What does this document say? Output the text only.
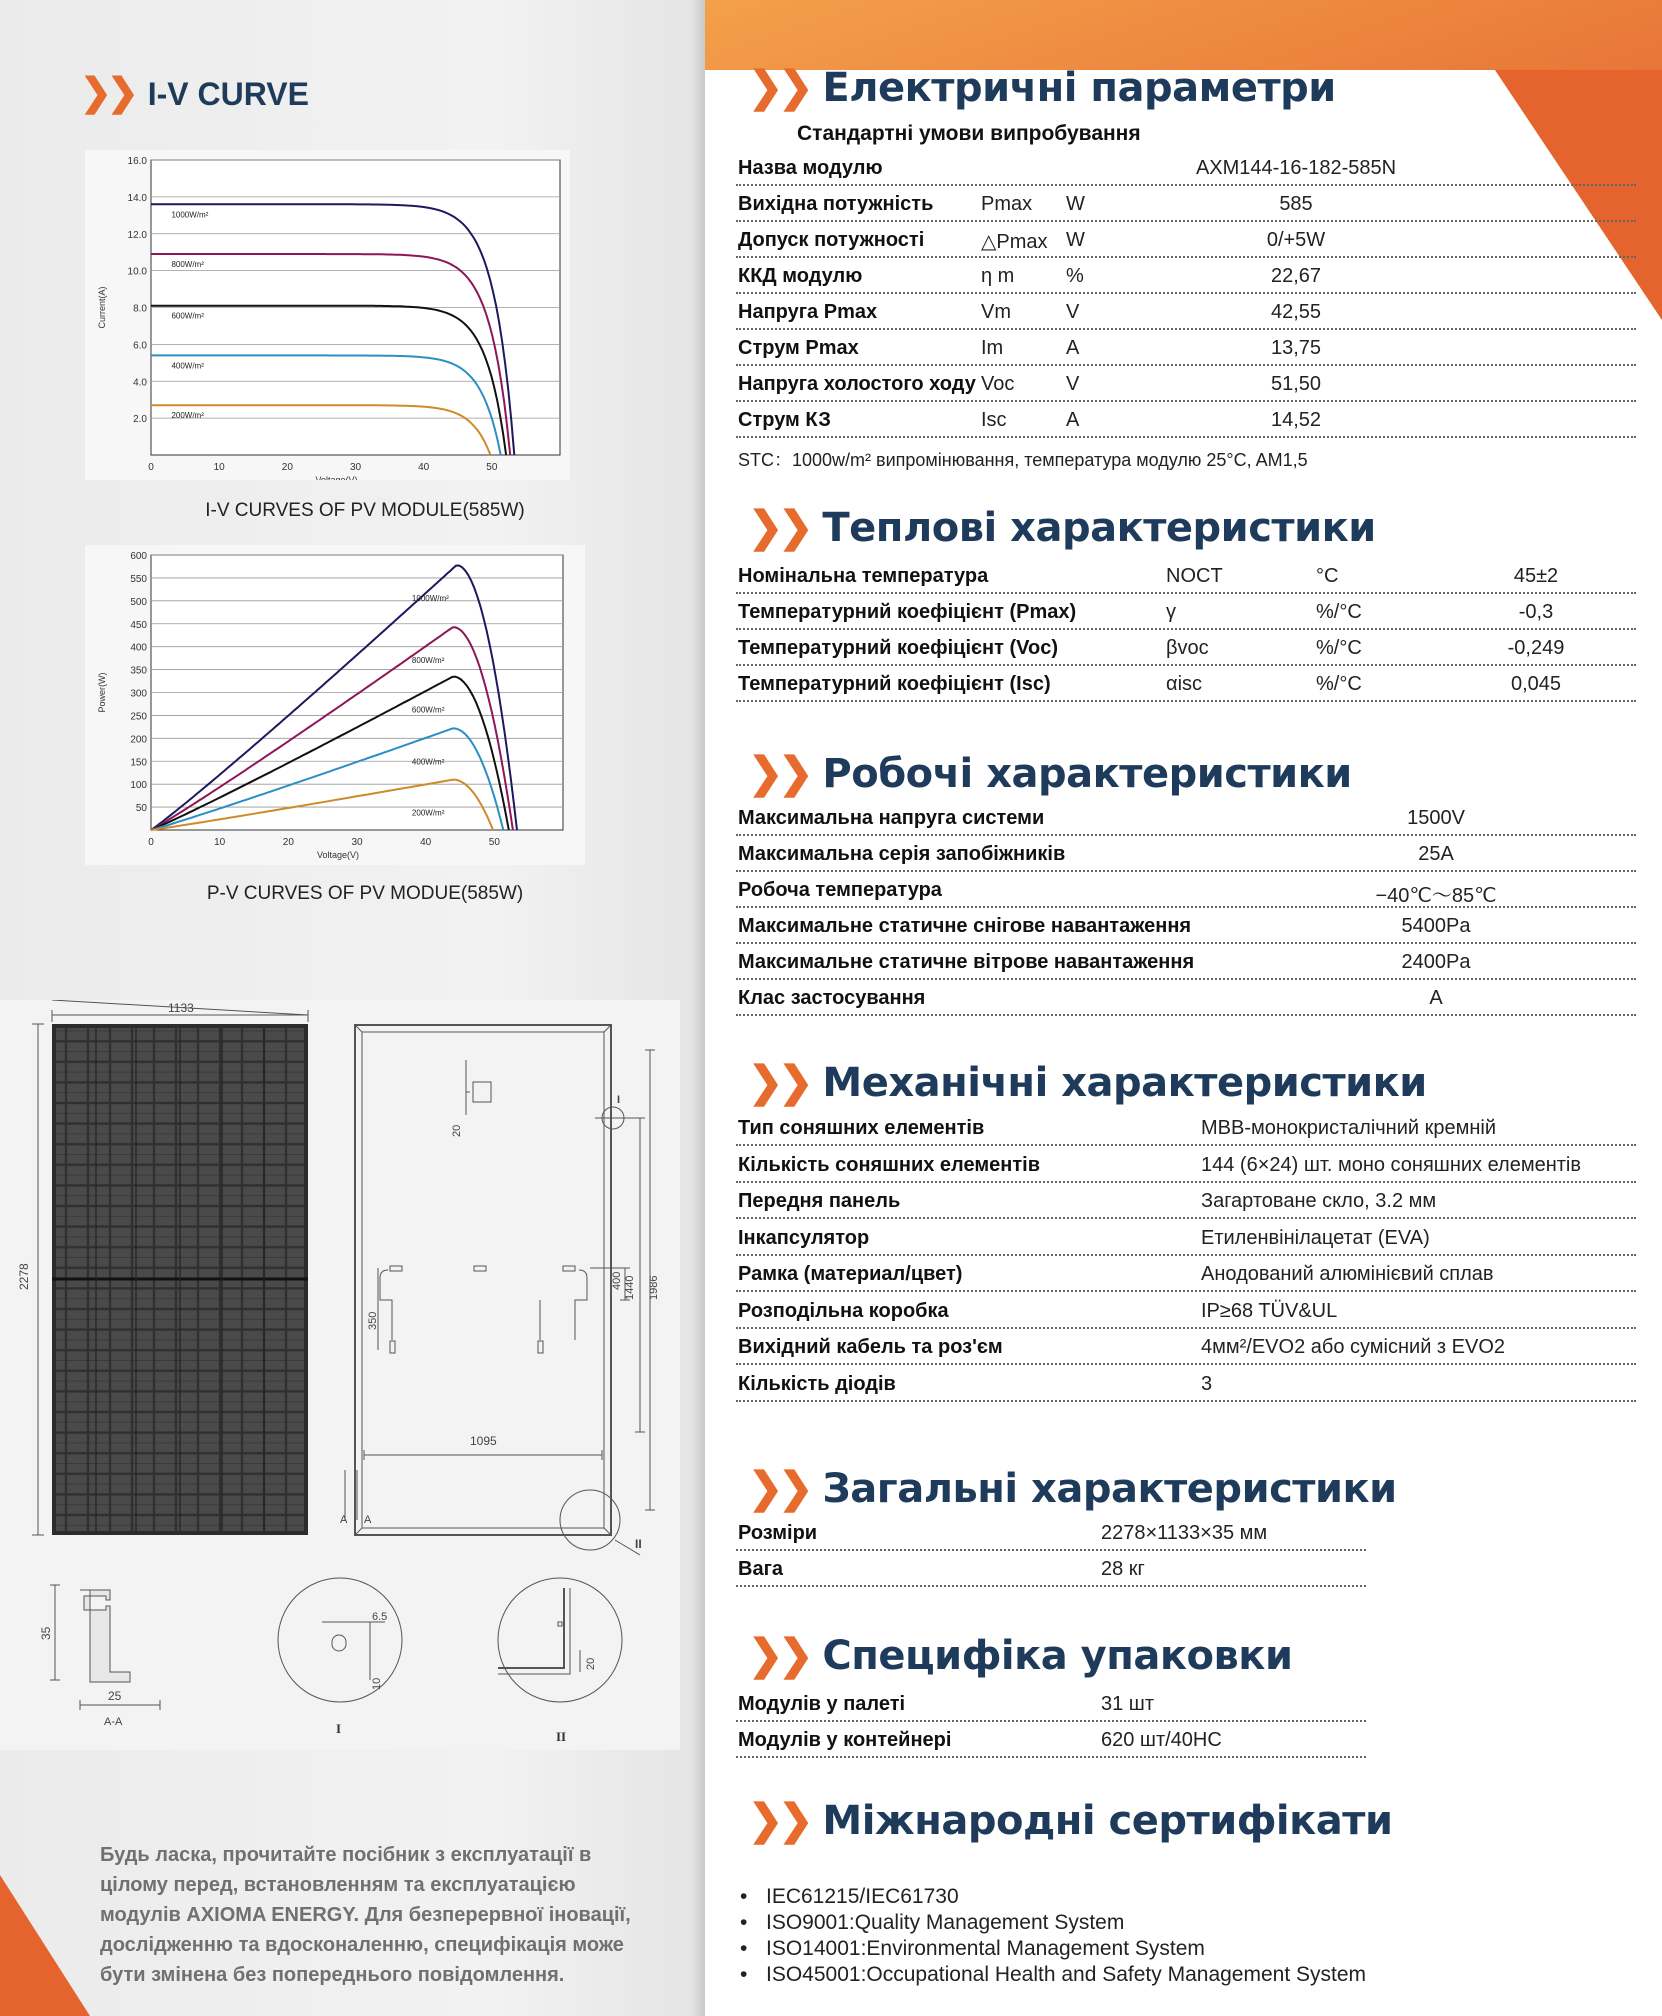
❯❯ I-V CURVE
16.0
14.0
12.0
10.0
8.0
6.0
4.0
2.0
0	10	20	30	40	50
Voltage(V)
Current(A)
1000W/m²
800W/m²
600W/m²
400W/m²
200W/m²
I-V CURVES OF PV MODULE(585W)
600
550
500
450
400
350
300
250
200
150
100
50
0	10	20	30	40	50
Voltage(V)
Power(W)
1000W/m²
800W/m²
600W/m²
400W/m²
200W/m²
P-V CURVES OF PV MODUE(585W)
1133
2278
1095
1440
400 1986
350
20
I
II
A A
35
25
A-A
6.5
10
I
20
II
Будь ласка, прочитайте посібник з експлуатації в цілому перед, встановленням та експлуатацією модулів AXIOMA ENERGY. Для безперервної іновації, дослідженню та вдосконаленню, специфікація може бути змінена без попереднього повідомлення.
❯❯ Електричні параметри
Стандартні умови випробування
Назва модулю	AXM144-16-182-585N
Вихідна потужність Pmax W	585
Допуск потужності	△Pmax W	0/+5W
ККД модулю	η m	%	22,67
Напруга Pmax	Vm	V	42,55
Струм Pmax	Im	A	13,75
Напруга холостого ходу Voc	V	51,50
Струм КЗ	Isc	A	14,52
STC：1000w/m² випромінювання, температура модулю 25°C, AM1,5
❯❯ Теплові характеристики
Номінальна температура	NOCT	°C	45±2
Температурний коефіцієнт (Pmax)	γ	%/°C	-0,3
Температурний коефіцієнт (Voc)	βvoc	%/°C	-0,249
Температурний коефіцієнт (Isc)	αisc	%/°C	0,045
❯❯ Робочі характеристики
Максимальна напруга системи	1500V
Максимальна серія запобіжників	25A
Робоча температура	−40℃～85℃
Максимальне статичне снігове навантаження	5400Pa
Максимальне статичне вітрове навантаження	2400Pa
Клас застосування	A
❯❯ Механічні характеристики
Тип соняшних елементів	MBB-монокристалічний кремній
Кількість соняшних елементів	144 (6×24) шт. моно соняшних елементів
Передня панель	Загартоване скло, 3.2 мм
Інкапсулятор	Етиленвінілацетат (EVA)
Рамка (материал/цвет)	Анодований алюмінієвий сплав
Розподільна коробка	IP≥68 TÜV&UL
Вихідний кабель та роз'єм	4мм²/EVO2 або сумісний з EVO2
Кількість діодів	3
❯❯ Загальні характеристики
Розміри	2278×1133×35 мм
Вага	28 кг
❯❯ Специфіка упаковки
Модулів у палеті	31 шт
Модулів у контейнері	620 шт/40HC
❯❯ Міжнародні сертифікати
• IEC61215/IEC61730
• ISO9001:Quality Management System
• ISO14001:Environmental Management System
• ISO45001:Occupational Health and Safety Management System
